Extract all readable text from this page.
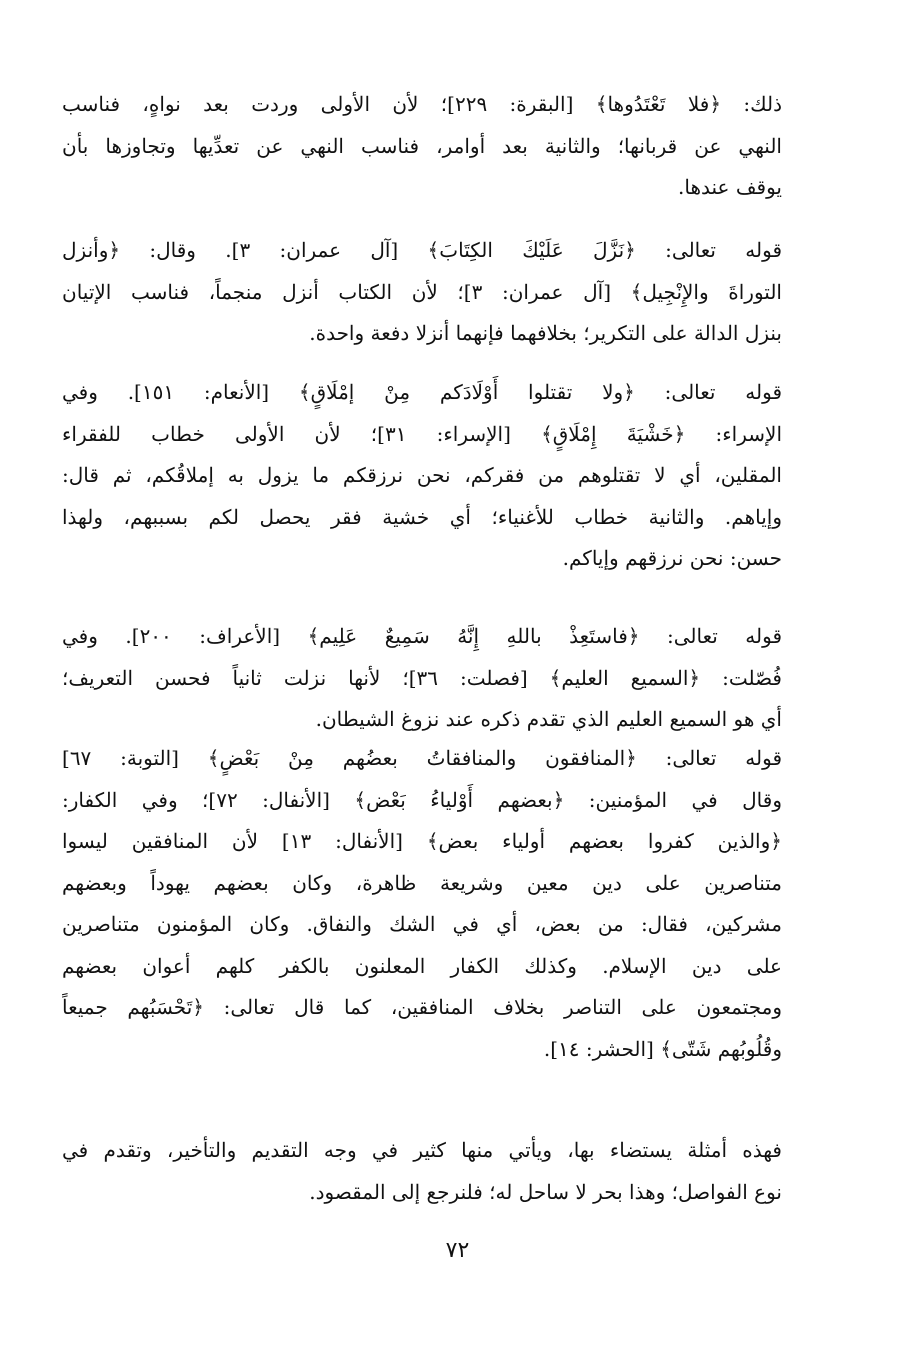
ذلك: ﴿فلا تَعْتَدُوها﴾ [البقرة: ٢٢٩]؛ لأن الأولى وردت بعد نواهٍ، فناسب
النهي عن قربانها؛ والثانية بعد أوامر، فناسب النهي عن تعدِّيها وتجاوزها بأن
يوقف عندها.
قوله تعالى: ﴿نَزَّلَ عَلَيْكَ الكِتَابَ﴾ [آل عمران: ٣]. وقال: ﴿وأنزل
التوراةَ والإِنْجِيل﴾ [آل عمران: ٣]؛ لأن الكتاب أنزل منجماً، فناسب الإتيان
بنزل الدالة على التكرير؛ بخلافهما فإنهما أنزلا دفعة واحدة.
قوله تعالى: ﴿ولا تقتلوا أَوْلَادَكم مِنْ إمْلَاقٍ﴾ [الأنعام: ١٥١]. وفي
الإسراء: ﴿خَشْيَةَ إِمْلَاقٍ﴾ [الإسراء: ٣١]؛ لأن الأولى خطاب للفقراء
المقلين، أي لا تقتلوهم من فقركم، نحن نرزقكم ما يزول به إملاقُكم، ثم قال:
وإياهم. والثانية خطاب للأغنياء؛ أي خشية فقر يحصل لكم بسببهم، ولهذا
حسن: نحن نرزقهم وإياكم.
قوله تعالى: ﴿فاستَعِذْ باللهِ إِنَّهُ سَمِيعٌ عَلِيم﴾ [الأعراف: ٢٠٠]. وفي
فُصّلت: ﴿السميع العليم﴾ [فصلت: ٣٦]؛ لأنها نزلت ثانياً فحسن التعريف؛
أي هو السميع العليم الذي تقدم ذكره عند نزوغ الشيطان.
قوله تعالى: ﴿المنافقون والمنافقاتُ بعضُهم مِنْ بَعْضٍ﴾ [التوبة: ٦٧]
وقال في المؤمنين: ﴿بعضهم أَوْلياءُ بَعْض﴾ [الأنفال: ٧٢]؛ وفي الكفار:
﴿والذين كفروا بعضهم أولياء بعض﴾ [الأنفال: ١٣] لأن المنافقين ليسوا
متناصرين على دين معين وشريعة ظاهرة، وكان بعضهم يهوداً وبعضهم
مشركين، فقال: من بعض، أي في الشك والنفاق. وكان المؤمنون متناصرين
على دين الإسلام. وكذلك الكفار المعلنون بالكفر كلهم أعوان بعضهم
ومجتمعون على التناصر بخلاف المنافقين، كما قال تعالى: ﴿تَحْسَبُهم جميعاً
وقُلُوبُهم شَتّى﴾ [الحشر: ١٤].
فهذه أمثلة يستضاء بها، ويأتي منها كثير في وجه التقديم والتأخير، وتقدم في
نوع الفواصل؛ وهذا بحر لا ساحل له؛ فلنرجع إلى المقصود.
٧٢
